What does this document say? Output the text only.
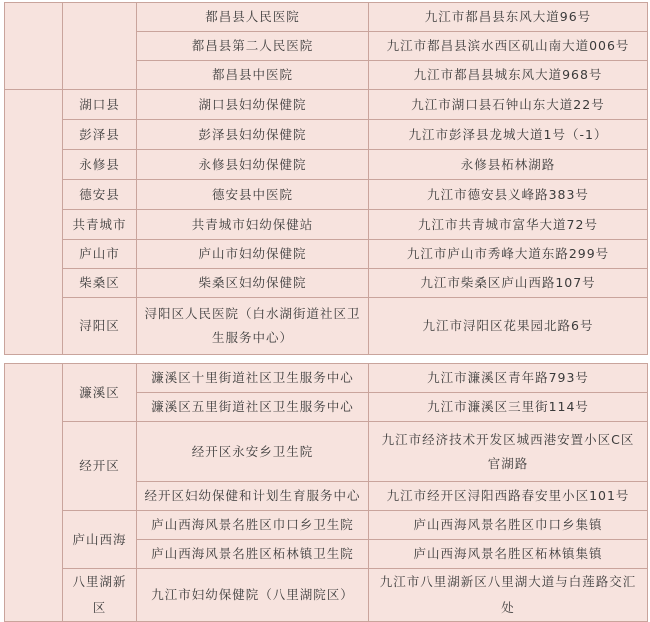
		都昌县人民医院	九江市都昌县东风大道96号
		都昌县第二人民医院	九江市都昌县滨水西区矶山南大道006号
		都昌县中医院	九江市都昌县城东风大道968号
	湖口县	湖口县妇幼保健院	九江市湖口县石钟山东大道22号
	彭泽县	彭泽县妇幼保健院	九江市彭泽县龙城大道1号（-1）
	永修县	永修县妇幼保健院	永修县柘林湖路
	德安县	德安县中医院	九江市德安县义峰路383号
	共青城市	共青城市妇幼保健站	九江市共青城市富华大道72号
	庐山市	庐山市妇幼保健院	九江市庐山市秀峰大道东路299号
	柴桑区	柴桑区妇幼保健院	九江市柴桑区庐山西路107号
	浔阳区	浔阳区人民医院（白水湖街道社区卫生服务中心）	九江市浔阳区花果园北路6号
	濂溪区	濂溪区十里街道社区卫生服务中心	九江市濂溪区青年路793号
		濂溪区五里街道社区卫生服务中心	九江市濂溪区三里街114号
	经开区	经开区永安乡卫生院	九江市经济技术开发区城西港安置小区C区官湖路
		经开区妇幼保健和计划生育服务中心	九江市经开区浔阳西路春安里小区101号
	庐山西海	庐山西海风景名胜区巾口乡卫生院	庐山西海风景名胜区巾口乡集镇
		庐山西海风景名胜区柘林镇卫生院	庐山西海风景名胜区柘林镇集镇
	八里湖新区	九江市妇幼保健院（八里湖院区）	九江市八里湖新区八里湖大道与白莲路交汇处
